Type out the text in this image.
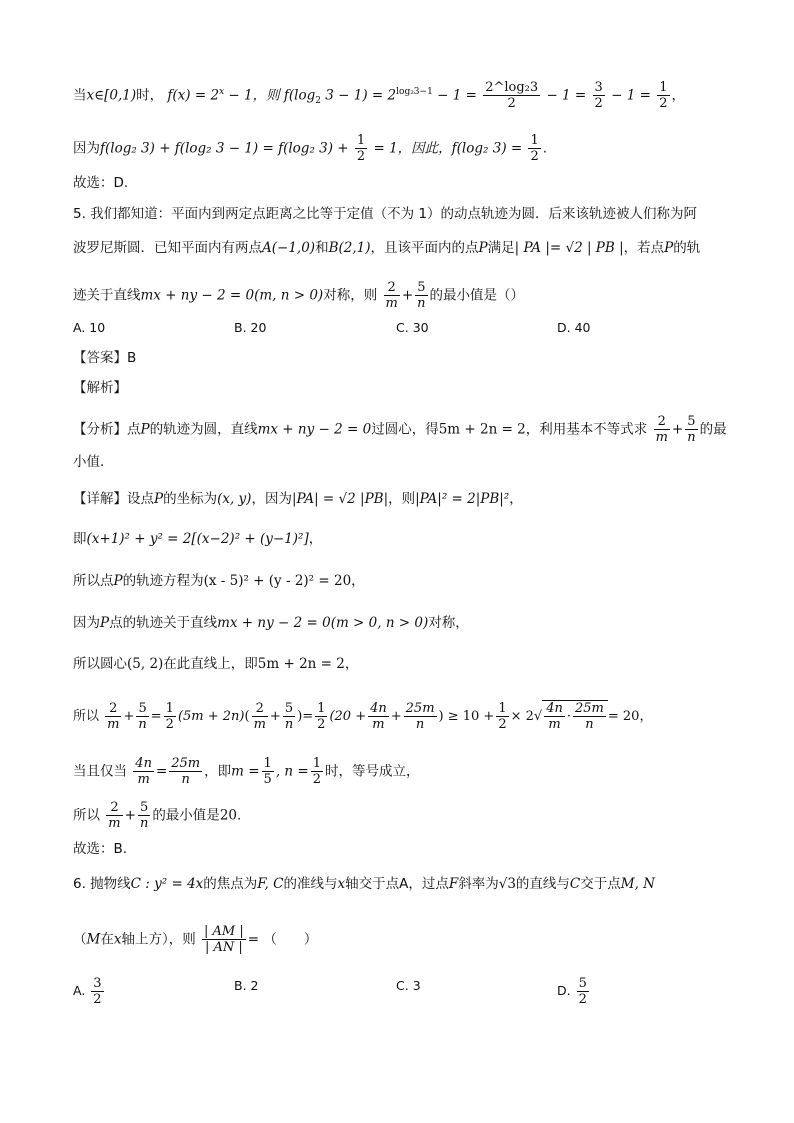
当x∈[0,1)时， $f(x) = 2^x - 1$，则 $f(\log_2$ $3 - 1) = 2^{log_23-1} - 1 = \frac{\text{2\textasciicircum{}log₂3}}{2} - 1 = \frac{3}{2} - 1 = \frac{1}{2}$ ，
因为f(log₂ 3) + f(log₂ 3 − 1) = f(log₂ $3) + \frac{1}{2} = 1$，因此，f(log₂ $3) = \frac{1}{2}$ .
故选：D.
5. 我们都知道：平面内到两定点距离之比等于定值（不为 1）的动点轨迹为圆．后来该轨迹被人们称为阿
波罗尼斯圆．已知平面内有两点A(−1,0)和B(2,1)，且该平面内的点P满足| PA |= √2 | PB |，若点P的轨
迹关于直线mx + ny − 2 = 0(m, n > 0)对称，则 $\frac{2}{m} + \frac{5}{n}$ 的最小值是（）
A. 10	B. 20	C. 30	D. 40
【答案】B
【解析】
【分析】点P的轨迹为圆，直线mx + ny − 2 = 0过圆心，得5m + 2n = 2，利用基本不等式求 $\frac{2}{m} + \frac{5}{n}$ 的最
小值.
【详解】设点P的坐标为(x, y)，因为|PA| = √2 |PB|，则|PA|² = 2|PB|²，
即(x+1)² + y² = 2[(x−2)² + (y−1)²]，
所以点P的轨迹方程为(x - 5)² + (y - 2)² = 20，
因为P点的轨迹关于直线mx + ny − 2 = 0(m > 0, n > 0)对称，
所以圆心(5, 2)在此直线上，即5m + 2n = 2，
所以 $\frac{2}{m} + \frac{5}{n} = \frac{1}{2} (5m + 2n)( \frac{2}{m} + \frac{5}{n}$ )= $\frac{1}{2} (20 + \frac{4n}{m} + \frac{25m}{n}$ ) ≥ $10 + \frac{1}{2} \times 2√ \frac{4n}{m} \cdot \frac{25m}{n} = 20$，
当且仅当 $\frac{4n}{m} = \frac{25m}{n}$ ，即$m = \frac{1}{5}$ , $n = \frac{1}{2}$ 时，等号成立，
所以 $\frac{2}{m} + \frac{5}{n}$ 的最小值是20.
故选：B.
6. 抛物线C : y² = 4x的焦点为F, C的准线与x轴交于点A，过点F斜率为√3的直线与C交于点M, N
（M在x轴上方），则 $\frac{| AM |}{| AN |}$ = （　　）
A. $\frac{3}{2}$	B. 2	C. 3	D. $\frac{5}{2}$
